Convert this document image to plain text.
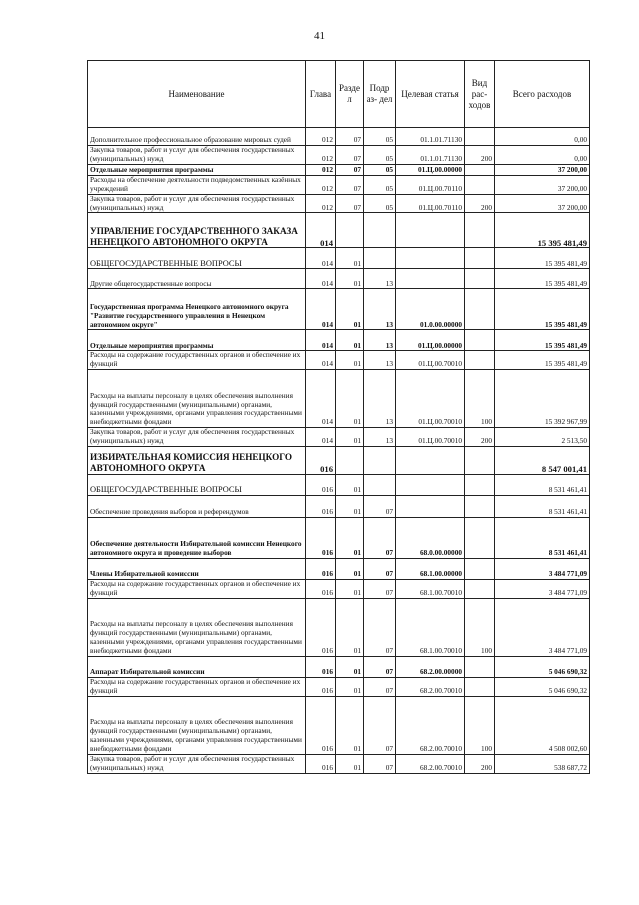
41
Наименование	Глава	Разде л	Подр аз- дел	Целевая статья	Вид рас- ходов	Всего расходов
Дополнительное профессиональное образование мировых судей	012	07	05	01.1.01.71130		0,00
Закупка товаров, работ и услуг для обеспечения государственных (муниципальных) нужд	012	07	05	01.1.01.71130	200	0,00
Отдельные мероприятия программы	012	07	05	01.Ц.00.00000		37 200,00
Расходы на обеспечение деятельности подведомственных казённых учреждений	012	07	05	01.Ц.00.70110		37 200,00
Закупка товаров, работ и услуг для обеспечения государственных (муниципальных) нужд	012	07	05	01.Ц.00.70110	200	37 200,00
УПРАВЛЕНИЕ ГОСУДАРСТВЕННОГО ЗАКАЗА НЕНЕЦКОГО АВТОНОМНОГО ОКРУГА	014					15 395 481,49
ОБЩЕГОСУДАРСТВЕННЫЕ ВОПРОСЫ	014	01				15 395 481,49
Другие общегосударственные вопросы	014	01	13			15 395 481,49
Государственная программа Ненецкого автономного округа "Развитие государственного управления в Ненецком автономном округе"	014	01	13	01.0.00.00000		15 395 481,49
Отдельные мероприятия программы	014	01	13	01.Ц.00.00000		15 395 481,49
Расходы на содержание государственных органов и обеспечение их функций	014	01	13	01.Ц.00.70010		15 395 481,49
Расходы на выплаты персоналу в целях обеспечения выполнения функций государственными (муниципальными) органами, казенными учреждениями, органами управления государственными внебюджетными фондами	014	01	13	01.Ц.00.70010	100	15 392 967,99
Закупка товаров, работ и услуг для обеспечения государственных (муниципальных) нужд	014	01	13	01.Ц.00.70010	200	2 513,50
ИЗБИРАТЕЛЬНАЯ КОМИССИЯ НЕНЕЦКОГО АВТОНОМНОГО ОКРУГА	016					8 547 001,41
ОБЩЕГОСУДАРСТВЕННЫЕ ВОПРОСЫ	016	01				8 531 461,41
Обеспечение проведения выборов и референдумов	016	01	07			8 531 461,41
Обеспечение деятельности Избирательной комиссии Ненецкого автономного округа и проведение выборов	016	01	07	68.0.00.00000		8 531 461,41
Члены Избирательной комиссии	016	01	07	68.1.00.00000		3 484 771,09
Расходы на содержание государственных органов и обеспечение их функций	016	01	07	68.1.00.70010		3 484 771,09
Расходы на выплаты персоналу в целях обеспечения выполнения функций государственными (муниципальными) органами, казенными учреждениями, органами управления государственными внебюджетными фондами	016	01	07	68.1.00.70010	100	3 484 771,09
Аппарат Избирательной комиссии	016	01	07	68.2.00.00000		5 046 690,32
Расходы на содержание государственных органов и обеспечение их функций	016	01	07	68.2.00.70010		5 046 690,32
Расходы на выплаты персоналу в целях обеспечения выполнения функций государственными (муниципальными) органами, казенными учреждениями, органами управления государственными внебюджетными фондами	016	01	07	68.2.00.70010	100	4 508 002,60
Закупка товаров, работ и услуг для обеспечения государственных (муниципальных) нужд	016	01	07	68.2.00.70010	200	538 687,72
